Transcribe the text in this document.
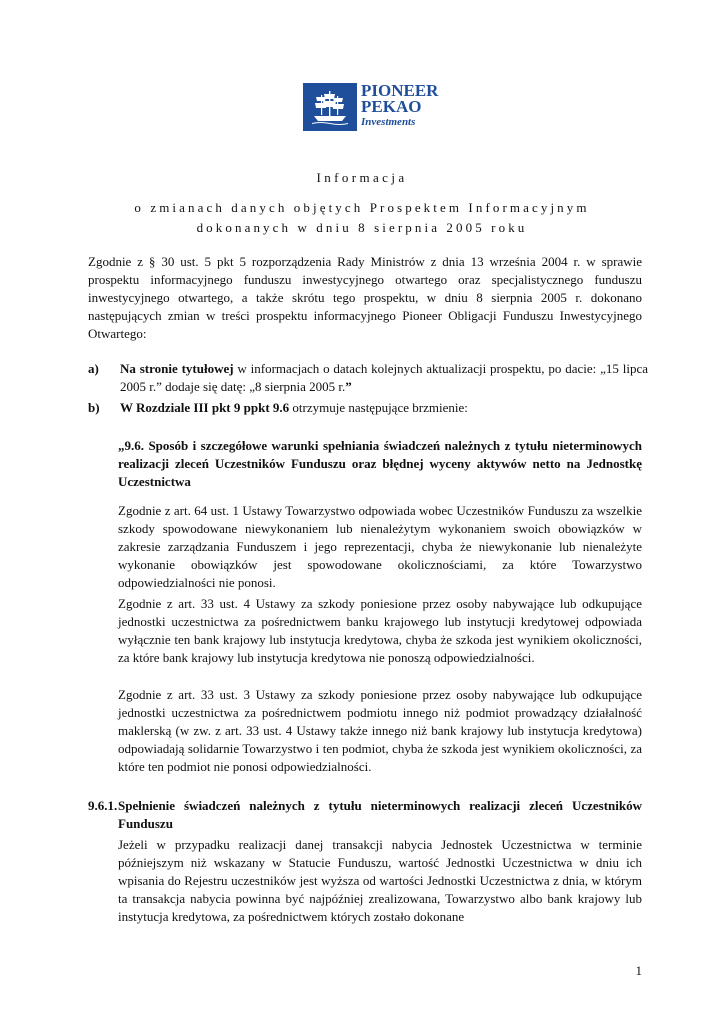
PIONEER
PEKAO
Investments
Informacja
o zmianach danych objętych Prospektem Informacyjnym
dokonanych w dniu 8 sierpnia 2005 roku
Zgodnie z § 30 ust. 5 pkt 5 rozporządzenia Rady Ministrów z dnia 13 września 2004 r. w sprawie prospektu informacyjnego funduszu inwestycyjnego otwartego oraz specjalistycznego funduszu inwestycyjnego otwartego, a także skrótu tego prospektu, w dniu 8 sierpnia 2005 r. dokonano następujących zmian w treści prospektu informacyjnego Pioneer Obligacji Funduszu Inwestycyjnego Otwartego:
a)	Na stronie tytułowej w informacjach o datach kolejnych aktualizacji prospektu, po dacie: „15 lipca 2005 r.” dodaje się datę: „8 sierpnia 2005 r.”
b)	W Rozdziale III pkt 9 ppkt 9.6 otrzymuje następujące brzmienie:
„9.6. Sposób i szczegółowe warunki spełniania świadczeń należnych z tytułu nieterminowych realizacji zleceń Uczestników Funduszu oraz błędnej wyceny aktywów netto na Jednostkę Uczestnictwa
Zgodnie z art. 64 ust. 1 Ustawy Towarzystwo odpowiada wobec Uczestników Funduszu za wszelkie szkody spowodowane niewykonaniem lub nienależytym wykonaniem swoich obowiązków w zakresie zarządzania Funduszem i jego reprezentacji, chyba że niewykonanie lub nienależyte wykonanie obowiązków jest spowodowane okolicznościami, za które Towarzystwo odpowiedzialności nie ponosi.
Zgodnie z art. 33 ust. 4 Ustawy za szkody poniesione przez osoby nabywające lub odkupujące jednostki uczestnictwa za pośrednictwem banku krajowego lub instytucji kredytowej odpowiada wyłącznie ten bank krajowy lub instytucja kredytowa, chyba że szkoda jest wynikiem okoliczności, za które bank krajowy lub instytucja kredytowa nie ponoszą odpowiedzialności.
Zgodnie z art. 33 ust. 3 Ustawy za szkody poniesione przez osoby nabywające lub odkupujące jednostki uczestnictwa za pośrednictwem podmiotu innego niż podmiot prowadzący działalność maklerską (w zw. z art. 33 ust. 4 Ustawy także innego niż bank krajowy lub instytucja kredytowa) odpowiadają solidarnie Towarzystwo i ten podmiot, chyba że szkoda jest wynikiem okoliczności, za które ten podmiot nie ponosi odpowiedzialności.
9.6.1. Spełnienie świadczeń należnych z tytułu nieterminowych realizacji zleceń Uczestników Funduszu
Jeżeli w przypadku realizacji danej transakcji nabycia Jednostek Uczestnictwa w terminie późniejszym niż wskazany w Statucie Funduszu, wartość Jednostki Uczestnictwa w dniu ich wpisania do Rejestru uczestników jest wyższa od wartości Jednostki Uczestnictwa z dnia, w którym ta transakcja nabycia powinna być najpóźniej zrealizowana, Towarzystwo albo bank krajowy lub instytucja kredytowa, za pośrednictwem których zostało dokonane
1
